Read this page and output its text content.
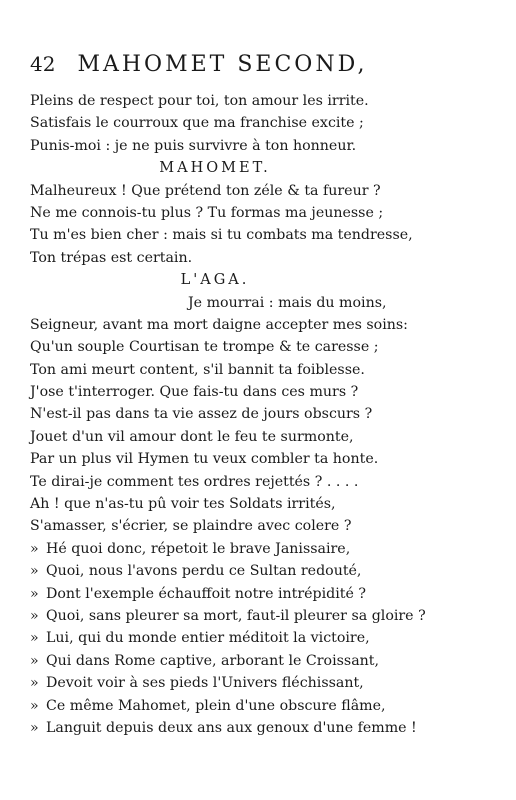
42 MAHOMET SECOND,
Pleins de respect pour toi, ton amour les irrite.
Satisfais le courroux que ma franchise excite ;
Punis-moi : je ne puis survivre à ton honneur.
MAHOMET.
Malheureux ! Que prétend ton zéle & ta fureur ?
Ne me connois-tu plus ? Tu formas ma jeunesse ;
Tu m'es bien cher : mais si tu combats ma tendresse,
Ton trépas est certain.
L'AGA.
Je mourrai : mais du moins,
Seigneur, avant ma mort daigne accepter mes soins:
Qu'un souple Courtisan te trompe & te caresse ;
Ton ami meurt content, s'il bannit ta foiblesse.
J'ose t'interroger. Que fais-tu dans ces murs ?
N'est-il pas dans ta vie assez de jours obscurs ?
Jouet d'un vil amour dont le feu te surmonte,
Par un plus vil Hymen tu veux combler ta honte.
Te dirai-je comment tes ordres rejettés ? . . . .
Ah ! que n'as-tu pû voir tes Soldats irrités,
S'amasser, s'écrier, se plaindre avec colere ?
» Hé quoi donc, répetoit le brave Janissaire,
» Quoi, nous l'avons perdu ce Sultan redouté,
» Dont l'exemple échauffoit notre intrépidité ?
» Quoi, sans pleurer sa mort, faut-il pleurer sa gloire ?
» Lui, qui du monde entier méditoit la victoire,
» Qui dans Rome captive, arborant le Croissant,
» Devoit voir à ses pieds l'Univers fléchissant,
» Ce même Mahomet, plein d'une obscure flâme,
» Languit depuis deux ans aux genoux d'une femme !
